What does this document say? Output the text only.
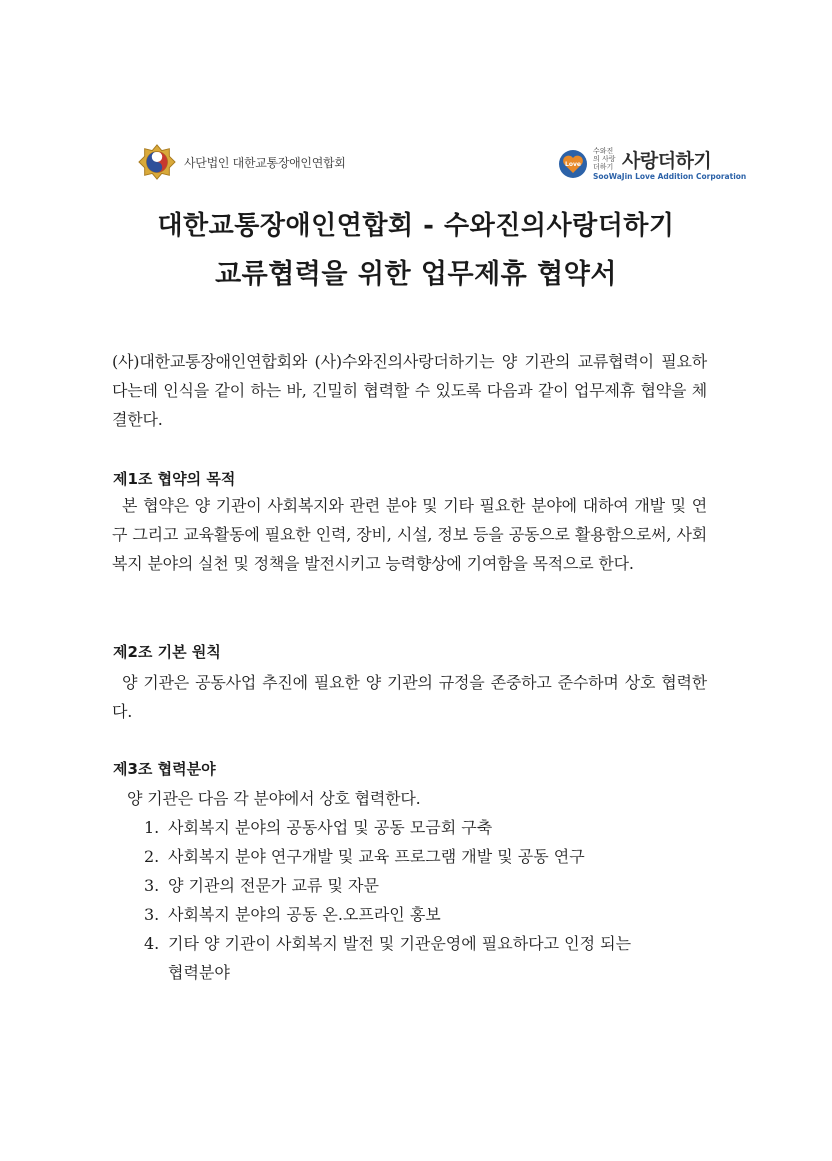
사단법인 대한교통장애인연합회	Love
수와진의 사랑더하기 사랑더하기
SooWaJin Love Addition Corporation
대한교통장애인연합회 - 수와진의사랑더하기
교류협력을 위한 업무제휴 협약서
(사)대한교통장애인연합회와 (사)수와진의사랑더하기는 양 기관의 교류협력이 필요하다는데 인식을 같이 하는 바, 긴밀히 협력할 수 있도록 다음과 같이 업무제휴 협약을 체결한다.
제1조 협약의 목적
본 협약은 양 기관이 사회복지와 관련 분야 및 기타 필요한 분야에 대하여 개발 및 연구 그리고 교육활동에 필요한 인력, 장비, 시설, 정보 등을 공동으로 활용함으로써, 사회복지 분야의 실천 및 정책을 발전시키고 능력향상에 기여함을 목적으로 한다.
제2조 기본 원칙
양 기관은 공동사업 추진에 필요한 양 기관의 규정을 존중하고 준수하며 상호 협력한다.
제3조 협력분야
양 기관은 다음 각 분야에서 상호 협력한다.
1. 사회복지 분야의 공동사업 및 공동 모금회 구축
2. 사회복지 분야 연구개발 및 교육 프로그램 개발 및 공동 연구
3. 양 기관의 전문가 교류 및 자문
3. 사회복지 분야의 공동 온.오프라인 홍보
4. 기타 양 기관이 사회복지 발전 및 기관운영에 필요하다고 인정 되는
협력분야
